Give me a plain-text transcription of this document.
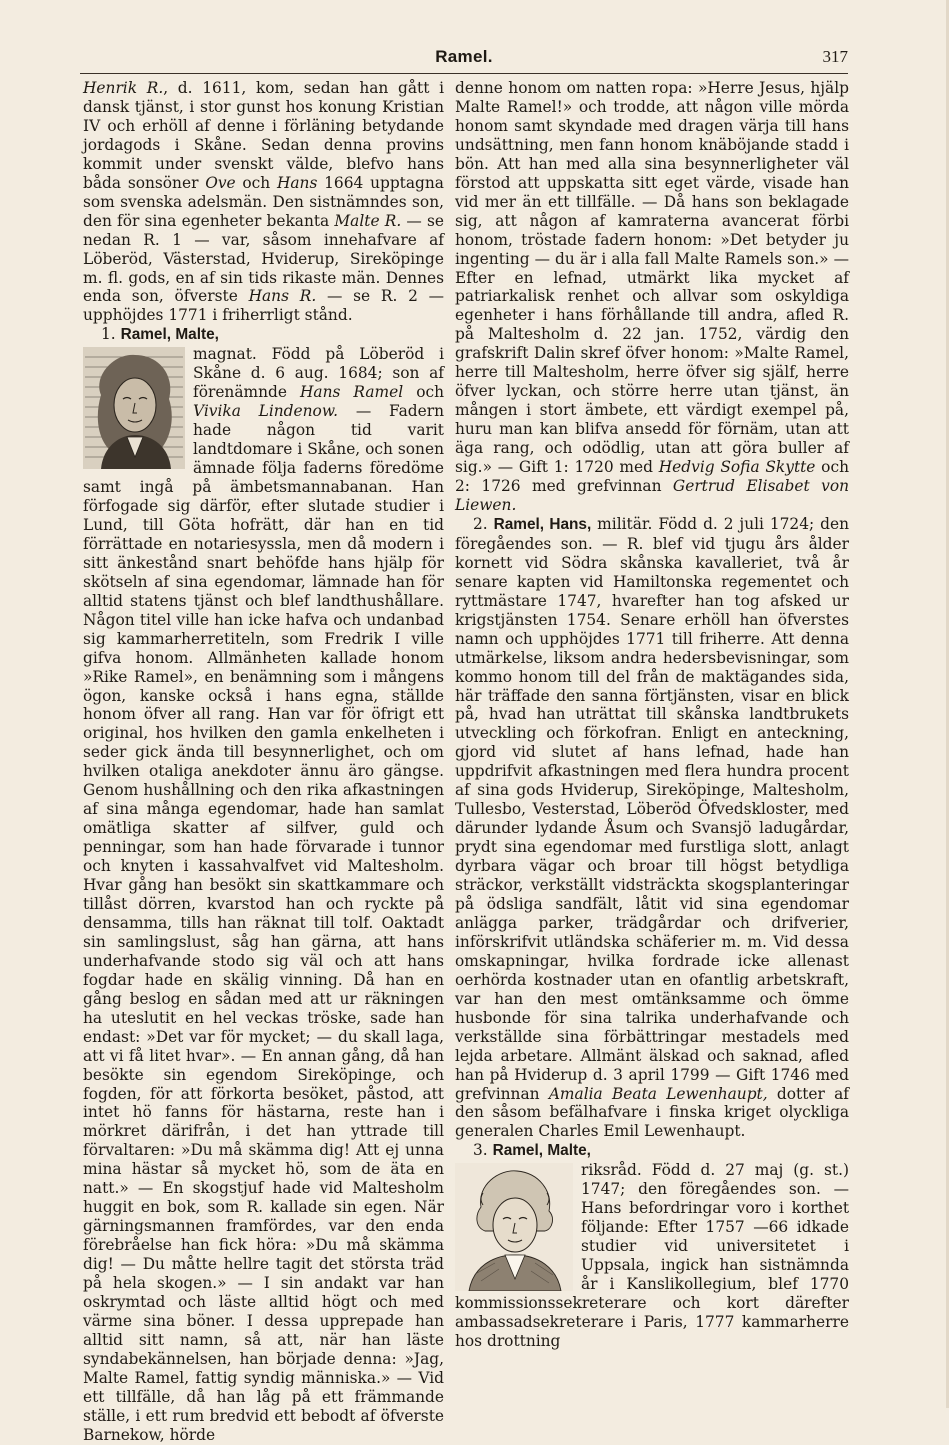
Ramel.	317

Henrik R., d. 1611, kom, sedan han gått i dansk tjänst, i stor gunst hos konung Kristian IV och erhöll af denne i förläning betydande jordagods i Skåne. Sedan denna provins kommit under svenskt välde, blefvo hans båda sonsöner Ove och Hans 1664 upptagna som svenska adelsmän. Den sistnämndes son, den för sina egenheter bekanta Malte R. — se nedan R. 1 — var, såsom innehafvare af Löberöd, Västerstad, Hviderup, Sireköpinge m. fl. gods, en af sin tids rikaste män. Dennes enda son, öfverste Hans R. — se R. 2 — upphöjdes 1771 i friherrligt stånd.

1. Ramel, Malte,

magnat. Född på Löberöd i Skåne d. 6 aug. 1684; son af förenämnde Hans Ramel och Vivika Lindenow. — Fadern hade någon tid varit landtdomare i Skåne, och sonen ämnade följa faderns föredöme samt ingå på ämbetsmannabanan. Han förfogade sig därför, efter slutade studier i Lund, till Göta hofrätt, där han en tid förrättade en notariesyssla, men då modern i sitt änkestånd snart behöfde hans hjälp för skötseln af sina egendomar, lämnade han för alltid statens tjänst och blef landthushållare. Någon titel ville han icke hafva och undanbad sig kammarherretiteln, som Fredrik I ville gifva honom. Allmänheten kallade honom »Rike Ramel», en benämning som i mångens ögon, kanske också i hans egna, ställde honom öfver all rang. Han var för öfrigt ett original, hos hvilken den gamla enkelheten i seder gick ända till besynnerlighet, och om hvilken otaliga anekdoter ännu äro gängse. Genom hushållning och den rika afkastningen af sina många egendomar, hade han samlat omätliga skatter af silfver, guld och penningar, som han hade förvarade i tunnor och knyten i kassahvalfvet vid Maltesholm. Hvar gång han besökt sin skattkammare och tillåst dörren, kvarstod han och ryckte på densamma, tills han räknat till tolf. Oaktadt sin samlingslust, såg han gärna, att hans underhafvande stodo sig väl och att hans fogdar hade en skälig vinning. Då han en gång beslog en sådan med att ur räkningen ha uteslutit en hel veckas tröske, sade han endast: »Det var för mycket; — du skall laga, att vi få litet hvar». — En annan gång, då han besökte sin egendom Sireköpinge, och fogden, för att förkorta besöket, påstod, att intet hö fanns för hästarna, reste han i mörkret därifrån, i det han yttrade till förvaltaren: »Du må skämma dig! Att ej unna mina hästar så mycket hö, som de äta en natt.» — En skogstjuf hade vid Maltesholm huggit en bok, som R. kallade sin egen. När gärningsmannen framfördes, var den enda förebråelse han fick höra: »Du må skämma dig! — Du måtte hellre tagit det största träd på hela skogen.» — I sin andakt var han oskrymtad och läste alltid högt och med värme sina böner. I dessa upprepade han alltid sitt namn, så att, när han läste syndabekännelsen, han började denna: »Jag, Malte Ramel, fattig syndig människa.» — Vid ett tillfälle, då han låg på ett främmande ställe, i ett rum bredvid ett bebodt af öfverste Barnekow, hörde

denne honom om natten ropa: »Herre Jesus, hjälp Malte Ramel!» och trodde, att någon ville mörda honom samt skyndade med dragen värja till hans undsättning, men fann honom knäböjande stadd i bön. Att han med alla sina besynnerligheter väl förstod att uppskatta sitt eget värde, visade han vid mer än ett tillfälle. — Då hans son beklagade sig, att någon af kamraterna avancerat förbi honom, tröstade fadern honom: »Det betyder ju ingenting — du är i alla fall Malte Ramels son.» — Efter en lefnad, utmärkt lika mycket af patriarkalisk renhet och allvar som oskyldiga egenheter i hans förhållande till andra, afled R. på Maltesholm d. 22 jan. 1752, värdig den grafskrift Dalin skref öfver honom: »Malte Ramel, herre till Maltesholm, herre öfver sig själf, herre öfver lyckan, och större herre utan tjänst, än mången i stort ämbete, ett värdigt exempel på, huru man kan blifva ansedd för förnäm, utan att äga rang, och odödlig, utan att göra buller af sig.» — Gift 1: 1720 med Hedvig Sofia Skytte och 2: 1726 med grefvinnan Gertrud Elisabet von Liewen.

2. Ramel, Hans, militär. Född d. 2 juli 1724; den föregåendes son. — R. blef vid tjugu års ålder kornett vid Södra skånska kavalleriet, två år senare kapten vid Hamiltonska regementet och ryttmästare 1747, hvarefter han tog afsked ur krigstjänsten 1754. Senare erhöll han öfverstes namn och upphöjdes 1771 till friherre. Att denna utmärkelse, liksom andra hedersbevisningar, som kommo honom till del från de maktägandes sida, här träffade den sanna förtjänsten, visar en blick på, hvad han uträttat till skånska landtbrukets utveckling och förkofran. Enligt en anteckning, gjord vid slutet af hans lefnad, hade han uppdrifvit afkastningen med flera hundra procent af sina gods Hviderup, Sireköpinge, Maltesholm, Tullesbo, Vesterstad, Löberöd Öfvedskloster, med därunder lydande Åsum och Svansjö ladugårdar, prydt sina egendomar med furstliga slott, anlagt dyrbara vägar och broar till högst betydliga sträckor, verkställt vidsträckta skogsplanteringar på ödsliga sandfält, låtit vid sina egendomar anlägga parker, trädgårdar och drifverier, införskrifvit utländska schäferier m. m. Vid dessa omskapningar, hvilka fordrade icke allenast oerhörda kostnader utan en ofantlig arbetskraft, var han den mest omtänksamme och ömme husbonde för sina talrika underhafvande och verkställde sina förbättringar mestadels med lejda arbetare. Allmänt älskad och saknad, afled han på Hviderup d. 3 april 1799 — Gift 1746 med grefvinnan Amalia Beata Lewenhaupt, dotter af den såsom befälhafvare i finska kriget olyckliga generalen Charles Emil Lewenhaupt.

3. Ramel, Malte,

riksråd. Född d. 27 maj (g. st.) 1747; den föregåendes son. — Hans befordringar voro i korthet följande: Efter 1757 —66 idkade studier vid universitetet i Uppsala, ingick han sistnämnda år i Kanslikollegium, blef 1770 kommissionssekreterare och kort därefter ambassadsekreterare i Paris, 1777 kammarherre hos drottning
